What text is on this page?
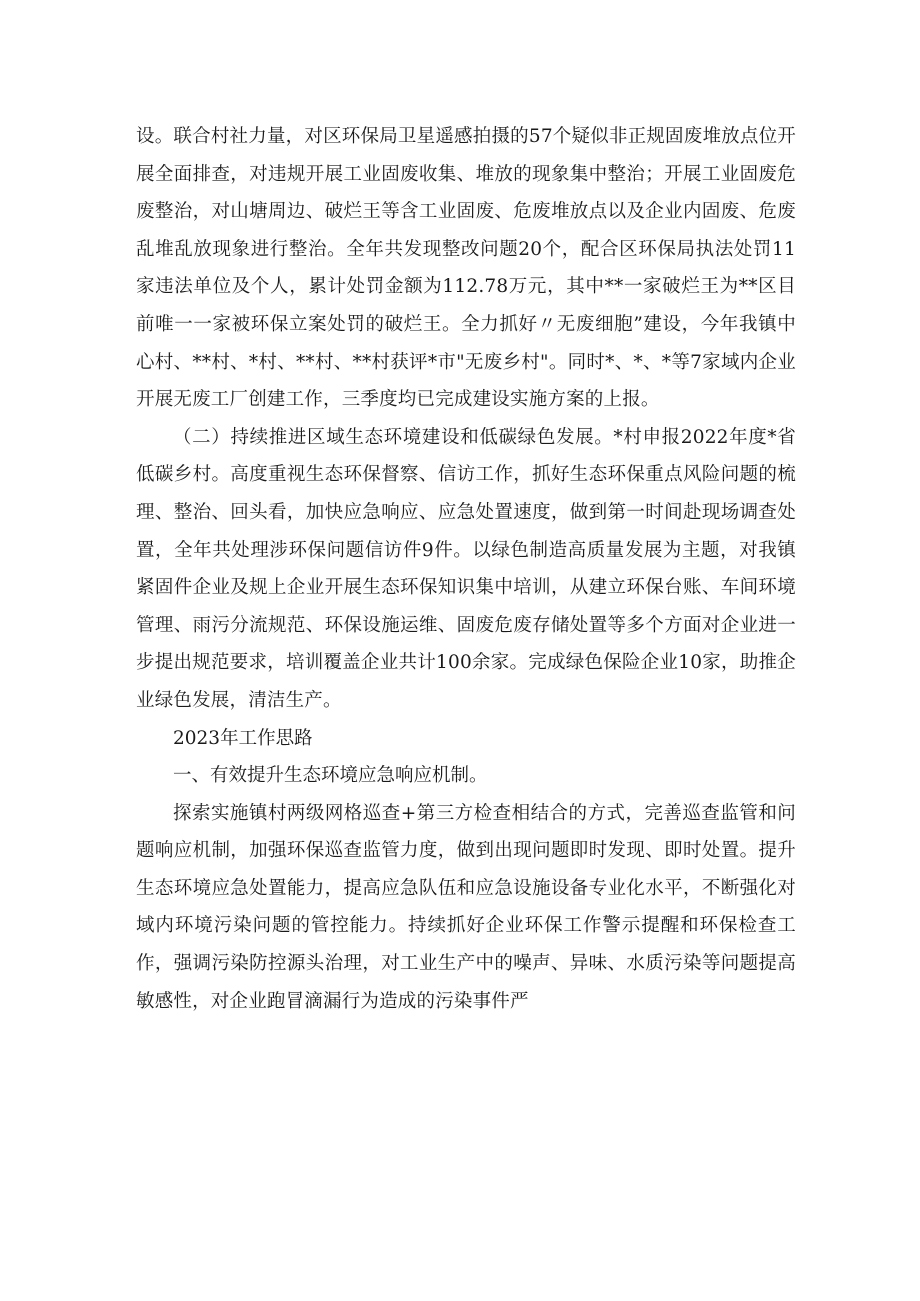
设。联合村社力量，对区环保局卫星遥感拍摄的57个疑似非正规固废堆放点位开展全面排查，对违规开展工业固废收集、堆放的现象集中整治；开展工业固废危废整治，对山塘周边、破烂王等含工业固废、危废堆放点以及企业内固废、危废乱堆乱放现象进行整治。全年共发现整改问题20个，配合区环保局执法处罚11家违法单位及个人，累计处罚金额为112.78万元，其中**一家破烂王为**区目前唯一一家被环保立案处罚的破烂王。全力抓好〃无废细胞”建设，今年我镇中心村、**村、*村、**村、**村获评*市"无废乡村"。同时*、*、*等7家域内企业开展无废工厂创建工作，三季度均已完成建设实施方案的上报。

（二）持续推进区域生态环境建设和低碳绿色发展。*村申报2022年度*省低碳乡村。高度重视生态环保督察、信访工作，抓好生态环保重点风险问题的梳理、整治、回头看，加快应急响应、应急处置速度，做到第一时间赴现场调查处置，全年共处理涉环保问题信访件9件。以绿色制造高质量发展为主题，对我镇紧固件企业及规上企业开展生态环保知识集中培训，从建立环保台账、车间环境管理、雨污分流规范、环保设施运维、固废危废存储处置等多个方面对企业进一步提出规范要求，培训覆盖企业共计100余家。完成绿色保险企业10家，助推企业绿色发展，清洁生产。

2023年工作思路

一、有效提升生态环境应急响应机制。

探索实施镇村两级网格巡查+第三方检查相结合的方式，完善巡查监管和问题响应机制，加强环保巡查监管力度，做到出现问题即时发现、即时处置。提升生态环境应急处置能力，提高应急队伍和应急设施设备专业化水平，不断强化对域内环境污染问题的管控能力。持续抓好企业环保工作警示提醒和环保检查工作，强调污染防控源头治理，对工业生产中的噪声、异味、水质污染等问题提高敏感性，对企业跑冒滴漏行为造成的污染事件严
